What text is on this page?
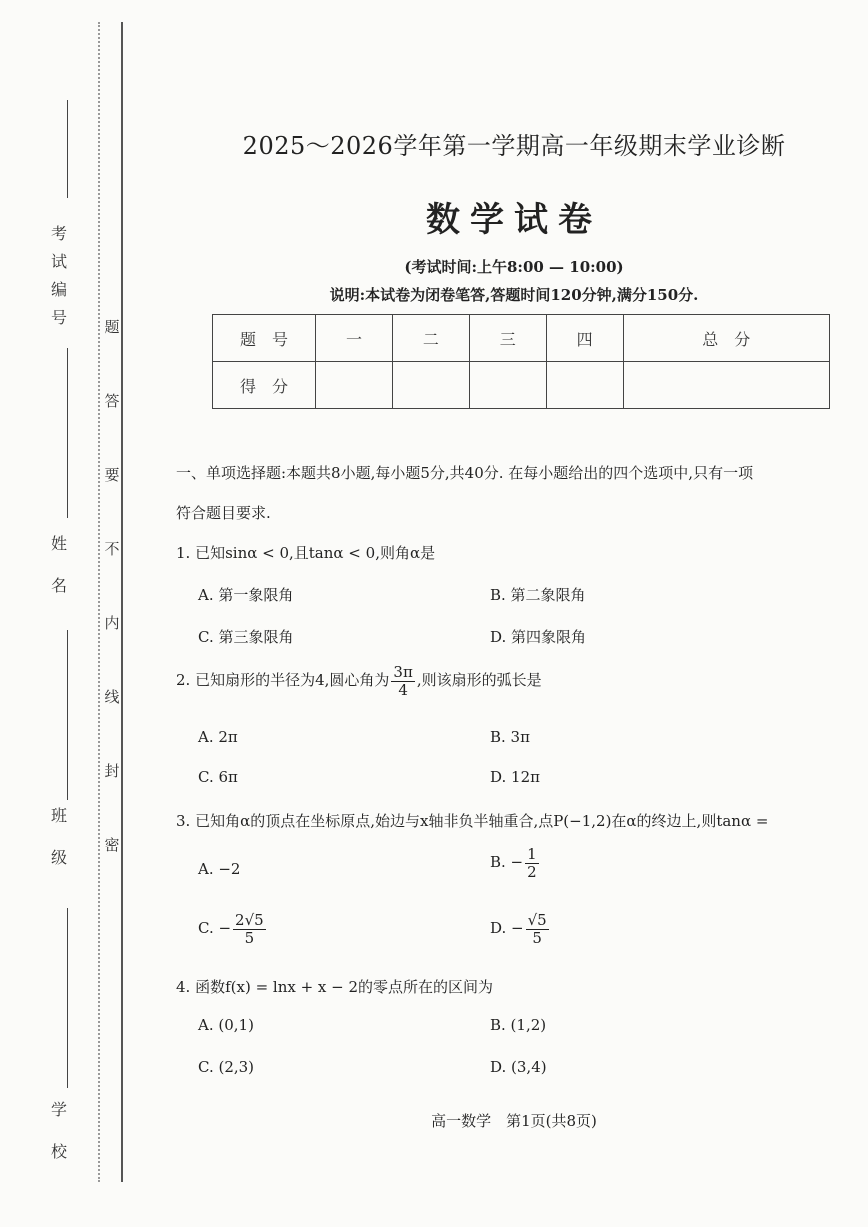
考
试
编
号
姓
名
班
级
学
校
密
封
线
内
不
要
答
题
2025～2026学年第一学期高一年级期末学业诊断
数学试卷
(考试时间:上午8:00 — 10:00)
说明:本试卷为闭卷笔答,答题时间120分钟,满分150分.
题　号	一	二	三	四	总　分
得　分					
一、单项选择题:本题共8小题,每小题5分,共40分. 在每小题给出的四个选项中,只有一项
符合题目要求.
1. 已知sinα < 0,且tanα < 0,则角α是
A. 第一象限角	B. 第二象限角
C. 第三象限角	D. 第四象限角
2. 已知扇形的半径为4,圆心角为 $\frac{3\pi}{4}$ ,则该扇形的弧长是
A. 2π	B. 3π
C. 6π	D. 12π
3. 已知角α的顶点在坐标原点,始边与x轴非负半轴重合,点P(−1,2)在α的终边上,则tanα =
A. −2	B. − $\frac{1}{2}$
C. − $\frac{2√5}{5}$	D. − $\frac{√5}{5}$
4. 函数f(x) = lnx + x − 2的零点所在的区间为
A. (0,1)	B. (1,2)
C. (2,3)	D. (3,4)
高一数学　第1页(共8页)
